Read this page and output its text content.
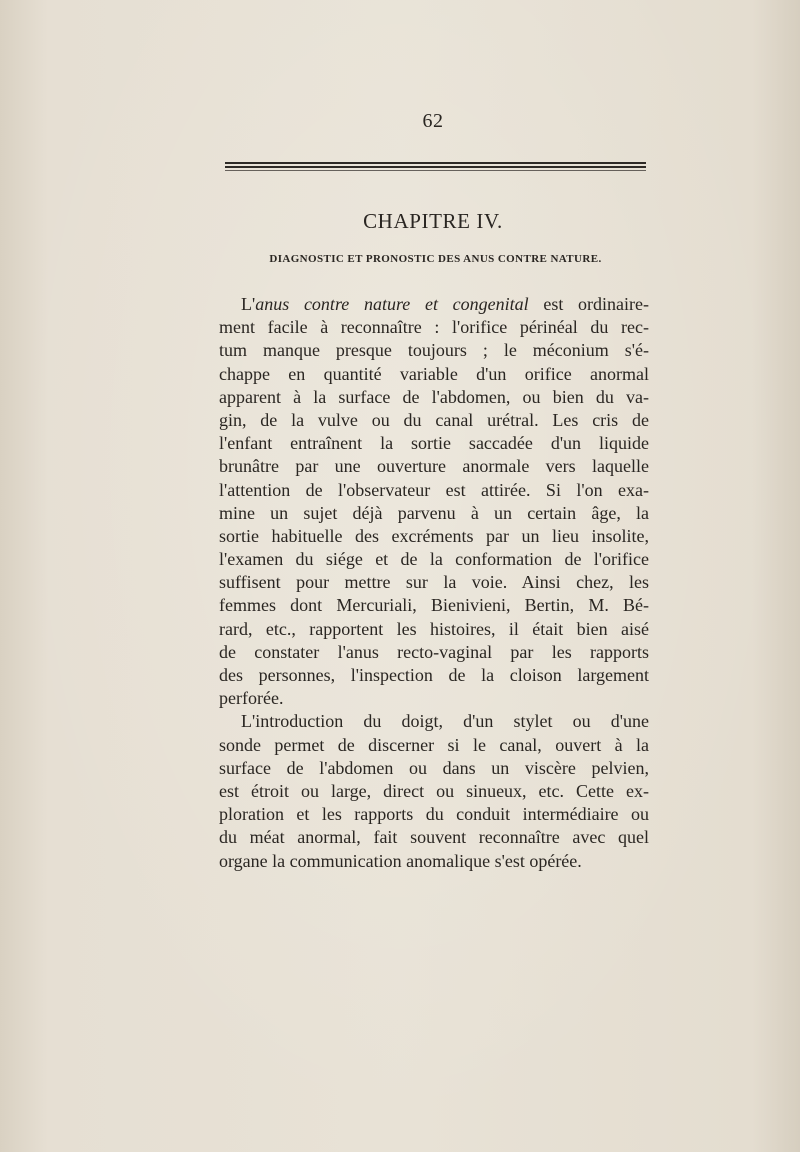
62
CHAPITRE IV.
DIAGNOSTIC ET PRONOSTIC DES ANUS CONTRE NATURE.
L'anus contre nature et congenital est ordinaire-
ment facile à reconnaître : l'orifice périnéal du rec-
tum manque presque toujours ; le méconium s'é-
chappe en quantité variable d'un orifice anormal
apparent à la surface de l'abdomen, ou bien du va-
gin, de la vulve ou du canal urétral. Les cris de
l'enfant entraînent la sortie saccadée d'un liquide
brunâtre par une ouverture anormale vers laquelle
l'attention de l'observateur est attirée. Si l'on exa-
mine un sujet déjà parvenu à un certain âge, la
sortie habituelle des excréments par un lieu insolite,
l'examen du siége et de la conformation de l'orifice
suffisent pour mettre sur la voie. Ainsi chez, les
femmes dont Mercuriali, Bienivieni, Bertin, M. Bé-
rard, etc., rapportent les histoires, il était bien aisé
de constater l'anus recto-vaginal par les rapports
des personnes, l'inspection de la cloison largement
perforée.
L'introduction du doigt, d'un stylet ou d'une
sonde permet de discerner si le canal, ouvert à la
surface de l'abdomen ou dans un viscère pelvien,
est étroit ou large, direct ou sinueux, etc. Cette ex-
ploration et les rapports du conduit intermédiaire ou
du méat anormal, fait souvent reconnaître avec quel
organe la communication anomalique s'est opérée.
